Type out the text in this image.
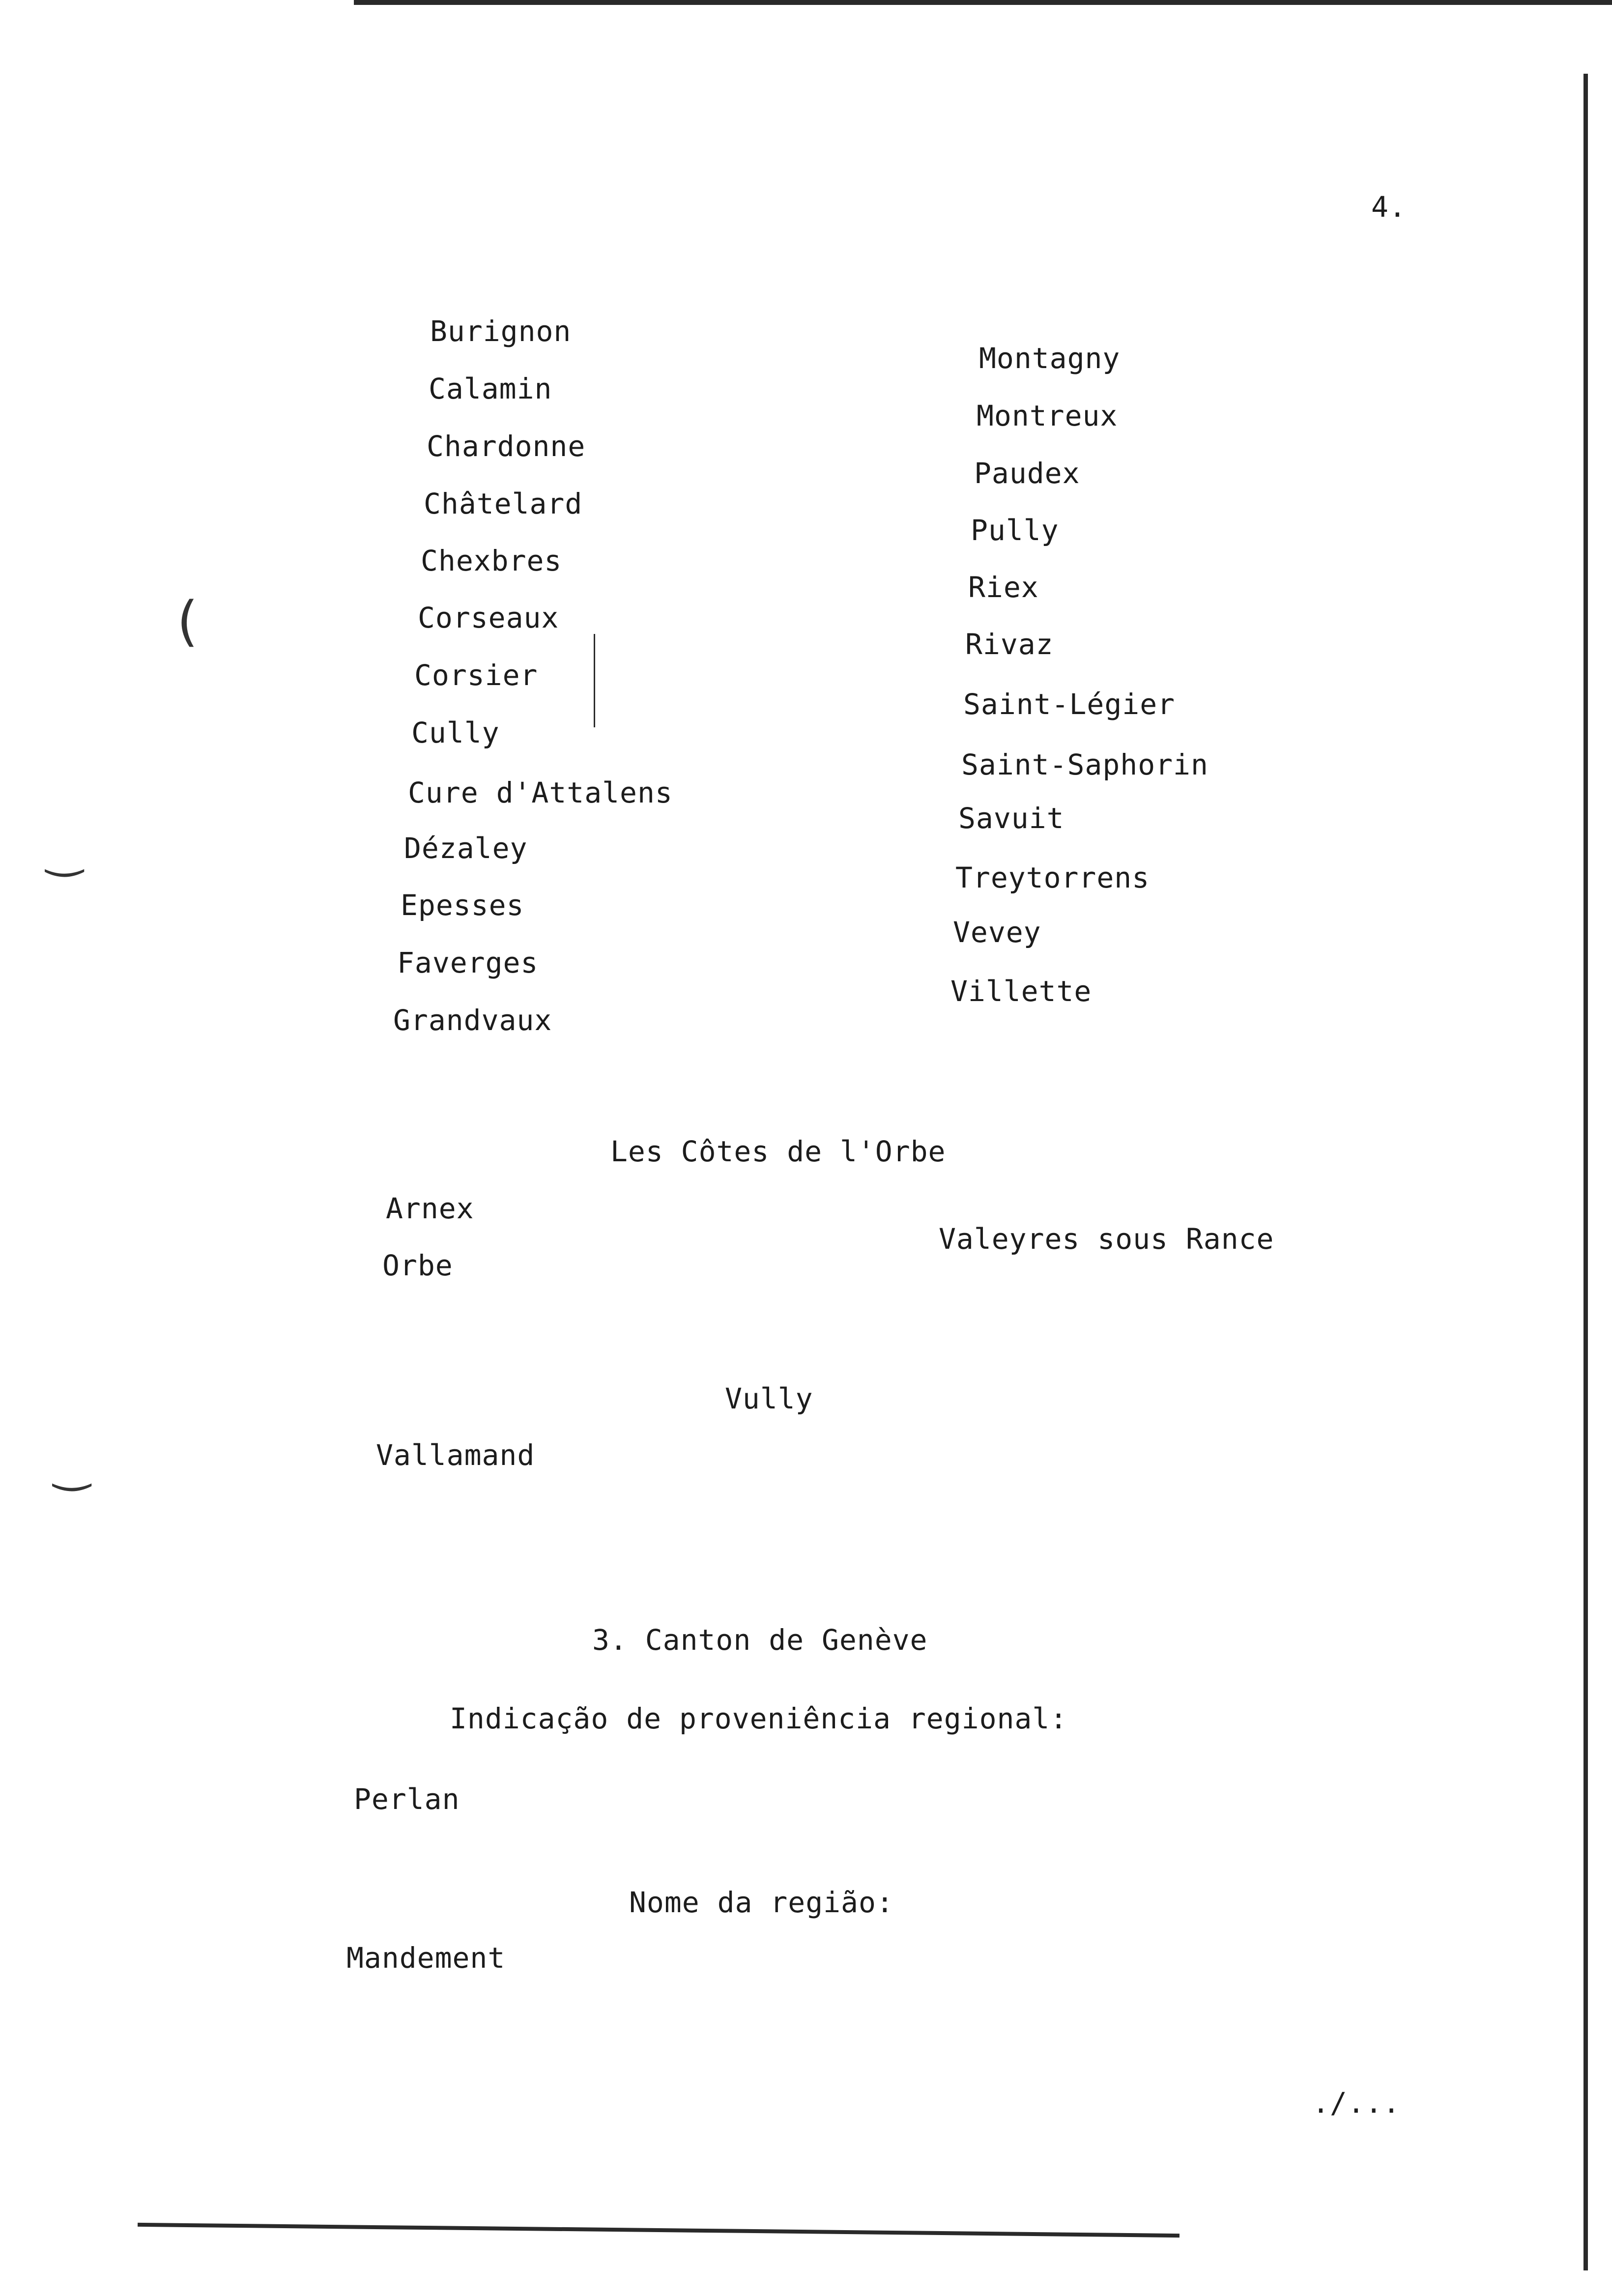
(
‿
‿
4.
Burignon
Calamin
Chardonne
Châtelard
Chexbres
Corseaux
Corsier
Cully
Cure d'Attalens
Dézaley
Epesses
Faverges
Grandvaux
Montagny
Montreux
Paudex
Pully
Riex
Rivaz
Saint-Légier
Saint-Saphorin
Savuit
Treytorrens
Vevey
Villette
Les Côtes de l'Orbe
Arnex
Orbe
Valeyres sous Rance
Vully
Vallamand
3. Canton de Genève
Indicação de proveniência regional:
Perlan
Nome da região:
Mandement
./...
